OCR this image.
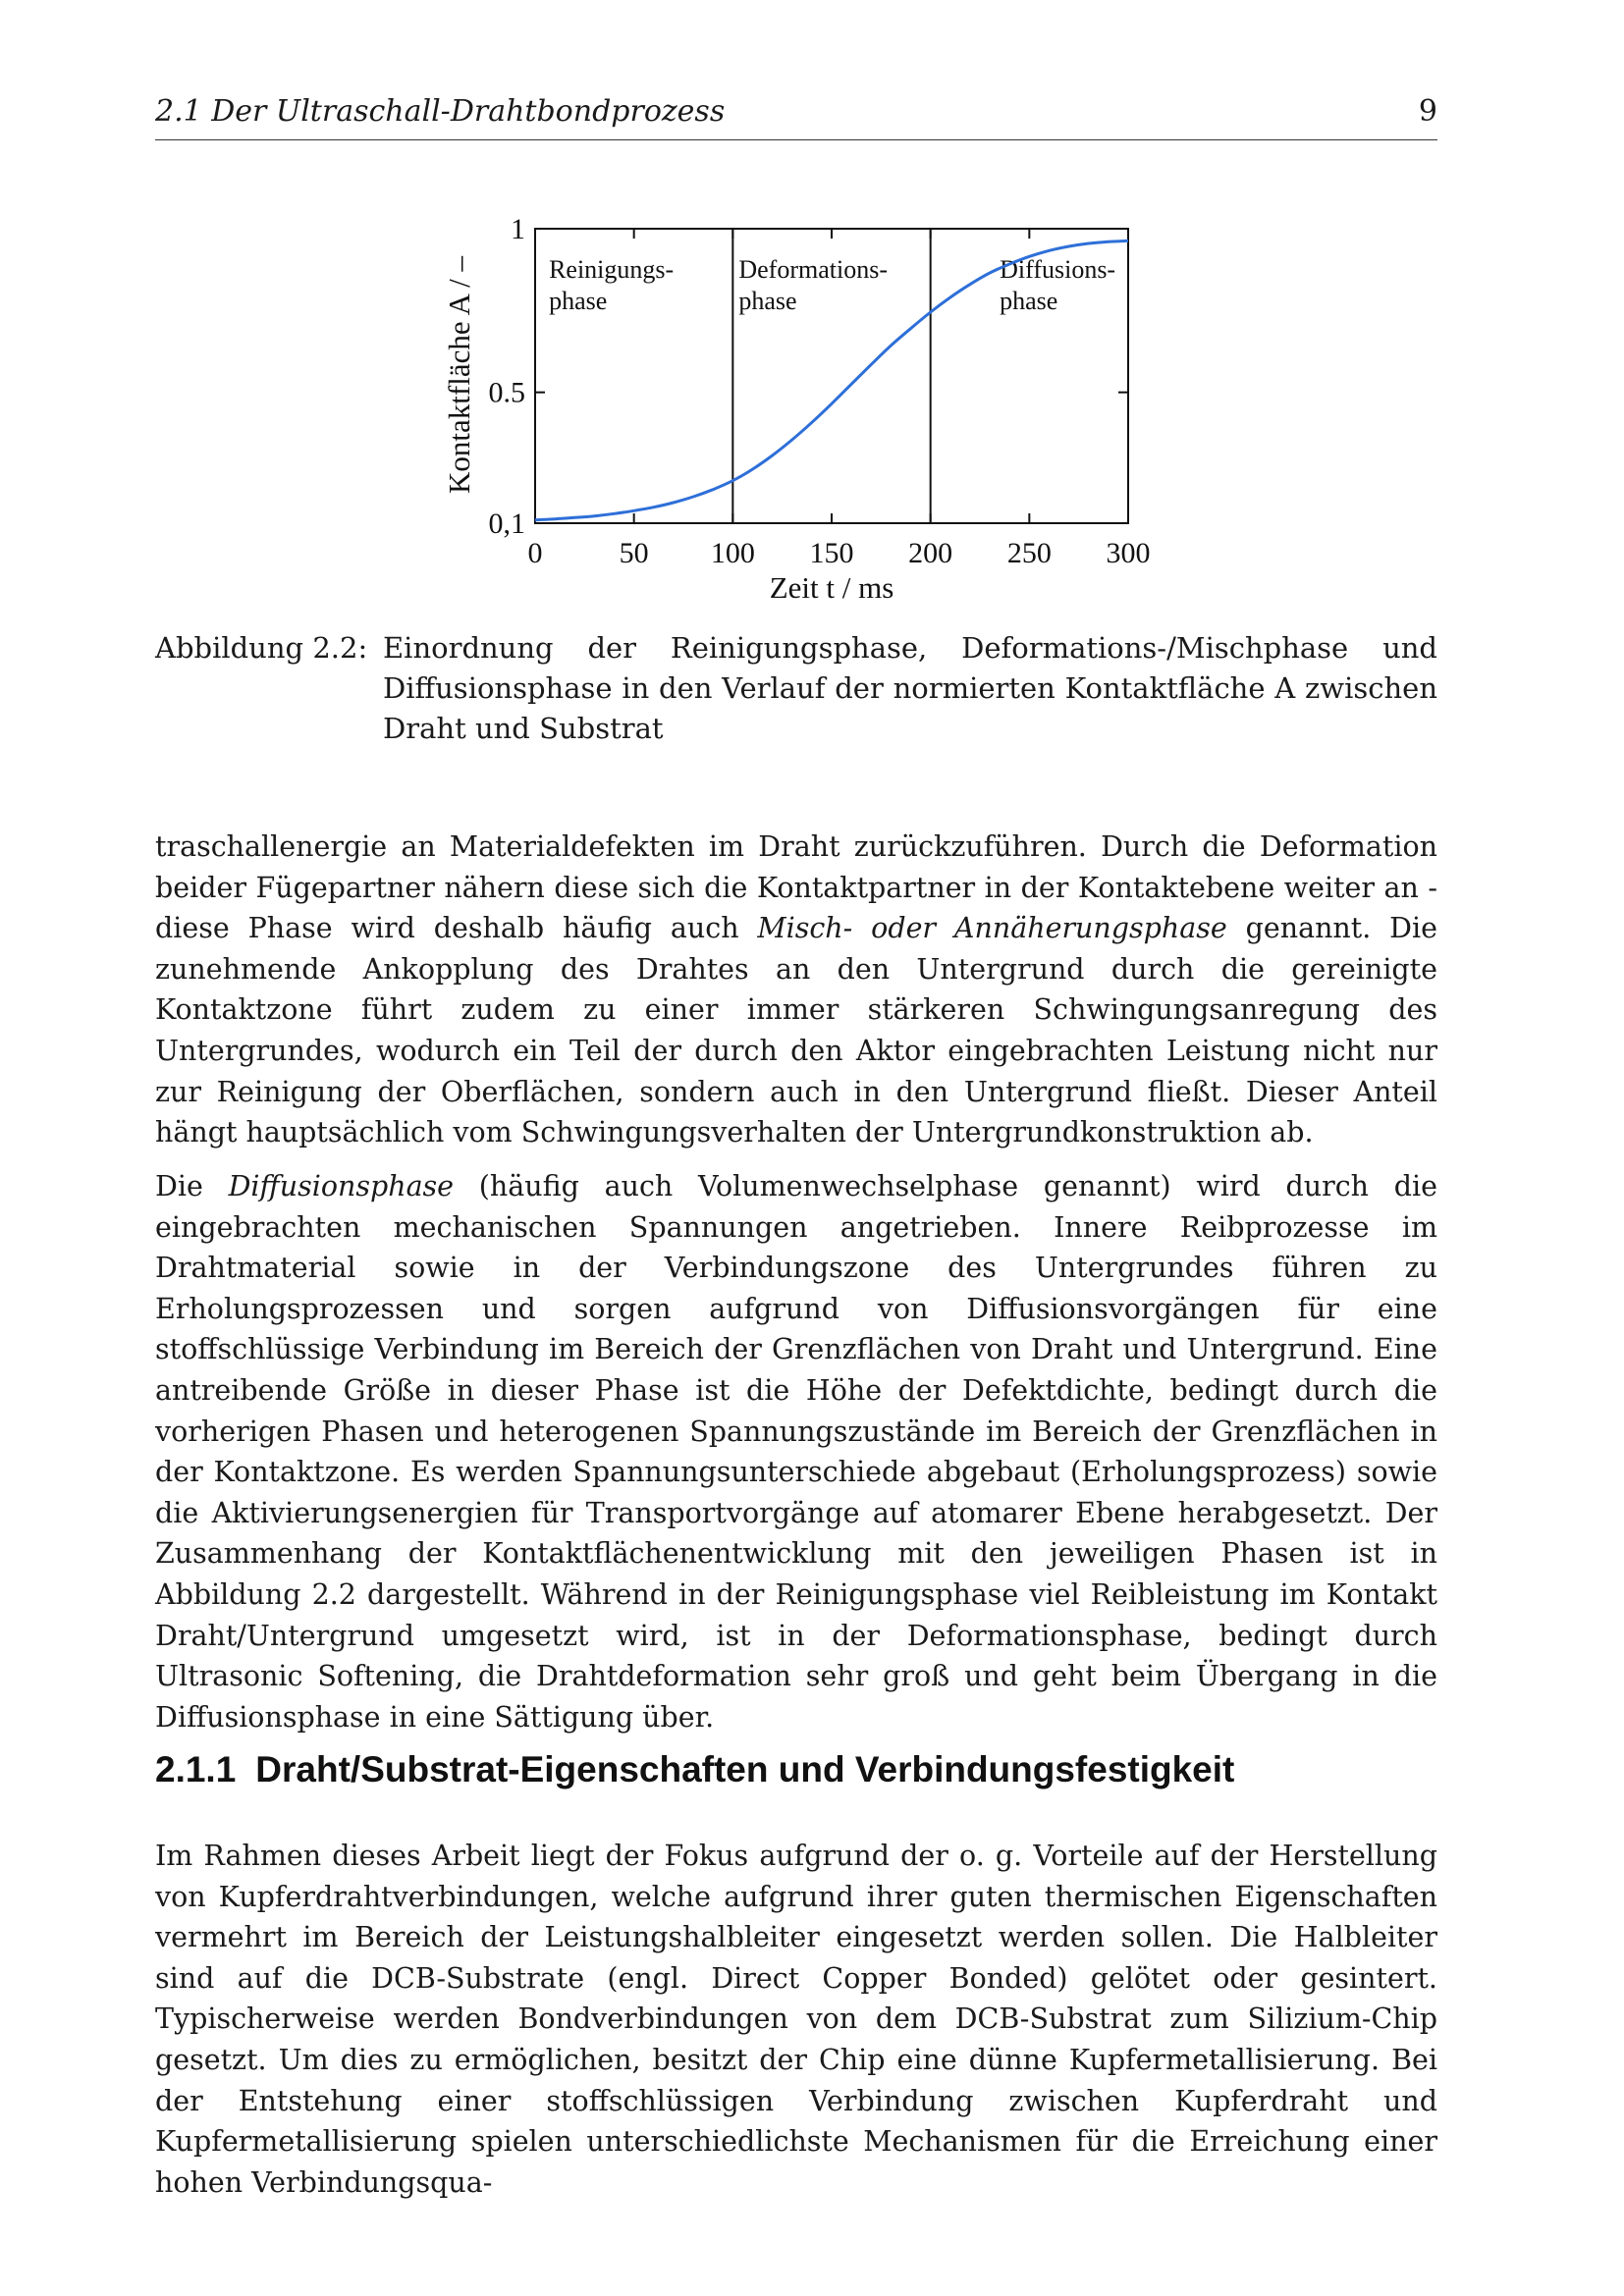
2.1 Der Ultraschall-Drahtbondprozess	9
Kontaktfläche A / –
0	50 100 150 200 250 300
0,1
0.5
1
Reinigungs-
phase
Deformations-
phase
Diffusions-
phase
Zeit t / ms
Abbildung 2.2: Einordnung der Reinigungsphase, Deformations-/Mischphase und Diffusionsphase in den Verlauf der normierten Kontaktfläche A zwischen Draht und Substrat

traschallenergie an Materialdefekten im Draht zurückzuführen. Durch die Deformation beider Fügepartner nähern diese sich die Kontaktpartner in der Kontaktebene weiter an - diese Phase wird deshalb häufig auch Misch- oder Annäherungsphase genannt. Die zunehmende Ankopplung des Drahtes an den Untergrund durch die gereinigte Kontaktzone führt zudem zu einer immer stärkeren Schwingungsanregung des Untergrundes, wodurch ein Teil der durch den Aktor eingebrachten Leistung nicht nur zur Reinigung der Oberflächen, sondern auch in den Untergrund fließt. Dieser Anteil hängt hauptsächlich vom Schwingungsverhalten der Untergrundkonstruktion ab.

Die Diffusionsphase (häufig auch Volumenwechselphase genannt) wird durch die eingebrachten mechanischen Spannungen angetrieben. Innere Reibprozesse im Drahtmaterial sowie in der Verbindungszone des Untergrundes führen zu Erholungsprozessen und sorgen aufgrund von Diffusionsvorgängen für eine stoffschlüssige Verbindung im Bereich der Grenzflächen von Draht und Untergrund. Eine antreibende Größe in dieser Phase ist die Höhe der Defektdichte, bedingt durch die vorherigen Phasen und heterogenen Spannungszustände im Bereich der Grenzflächen in der Kontaktzone. Es werden Spannungsunterschiede abgebaut (Erholungsprozess) sowie die Aktivierungsenergien für Transportvorgänge auf atomarer Ebene herabgesetzt. Der Zusammenhang der Kontaktflächenentwicklung mit den jeweiligen Phasen ist in Abbildung 2.2 dargestellt. Während in der Reinigungsphase viel Reibleistung im Kontakt Draht/Untergrund umgesetzt wird, ist in der Deformationsphase, bedingt durch Ultrasonic Softening, die Drahtdeformation sehr groß und geht beim Übergang in die Diffusionsphase in eine Sättigung über.

2.1.1 Draht/Substrat-Eigenschaften und Verbindungsfestigkeit

Im Rahmen dieses Arbeit liegt der Fokus aufgrund der o. g. Vorteile auf der Herstellung von Kupferdrahtverbindungen, welche aufgrund ihrer guten thermischen Eigenschaften vermehrt im Bereich der Leistungshalbleiter eingesetzt werden sollen. Die Halbleiter sind auf die DCB-Substrate (engl. Direct Copper Bonded) gelötet oder gesintert. Typischerweise werden Bondverbindungen von dem DCB-Substrat zum Silizium-Chip gesetzt. Um dies zu ermöglichen, besitzt der Chip eine dünne Kupfermetallisierung. Bei der Entstehung einer stoffschlüssigen Verbindung zwischen Kupferdraht und Kupfermetallisierung spielen unterschiedlichste Mechanismen für die Erreichung einer hohen Verbindungsqua-
